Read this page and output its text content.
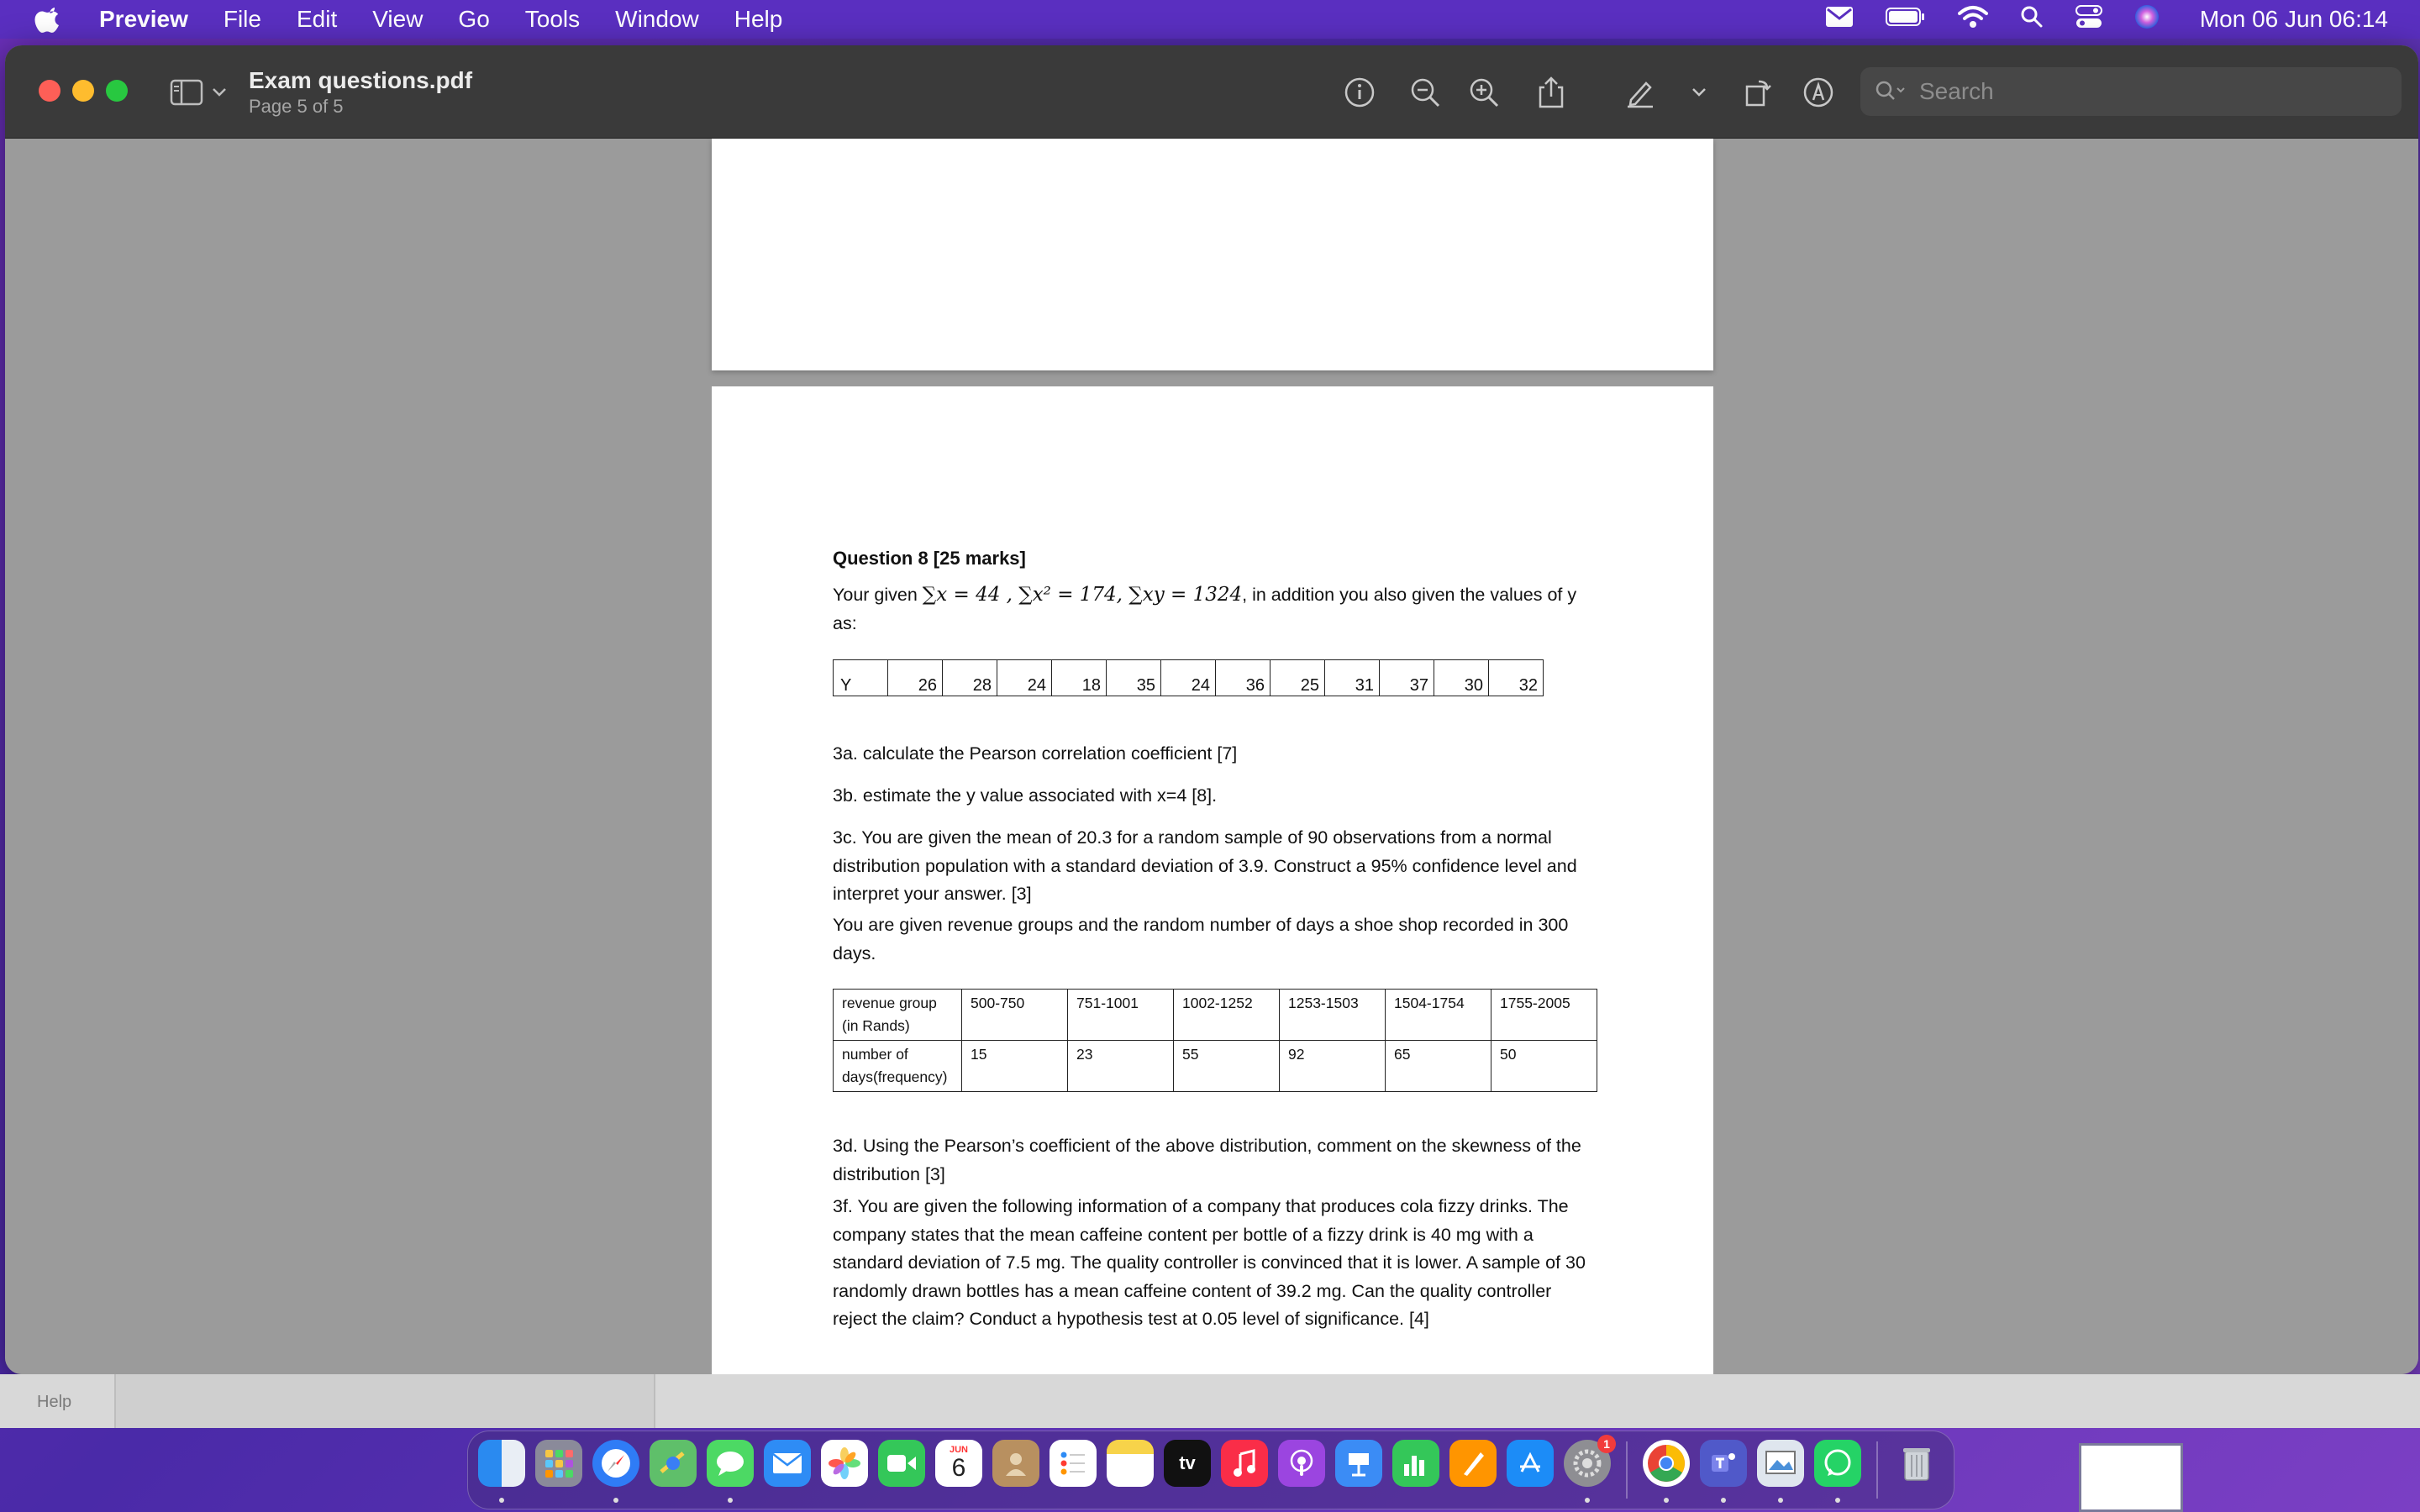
Preview File Edit View Go Tools Window Help	Mon 06 Jun 06:14
Exam questions.pdf
Page 5 of 5
Search
Question 8 [25 marks]
Your given ∑x = 44 , ∑x² = 174, ∑xy = 1324, in addition you also given the values of y as:
Y	26	28	24	18	35	24	36	25	31	37	30	32
3a. calculate the Pearson correlation coefficient [7]
3b. estimate the y value associated with x=4 [8].
3c. You are given the mean of 20.3 for a random sample of 90 observations from a normal distribution population with a standard deviation of 3.9. Construct a 95% confidence level and interpret your answer. [3]
You are given revenue groups and the random number of days a shoe shop recorded in 300 days.
revenue group (in Rands)	500-750	751-1001	1002-1252	1253-1503	1504-1754	1755-2005
number of days(frequency)	15	23	55	92	65	50
3d. Using the Pearson’s coefficient of the above distribution, comment on the skewness of the distribution [3]
3f. You are given the following information of a company that produces cola fizzy drinks. The company states that the mean caffeine content per bottle of a fizzy drink is 40 mg with a standard deviation of 7.5 mg. The quality controller is convinced that it is lower. A sample of 30 randomly drawn bottles has a mean caffeine content of 39.2 mg. Can the quality controller reject the claim? Conduct a hypothesis test at 0.05 level of significance. [4]
Help
JUN
6	tv
1
